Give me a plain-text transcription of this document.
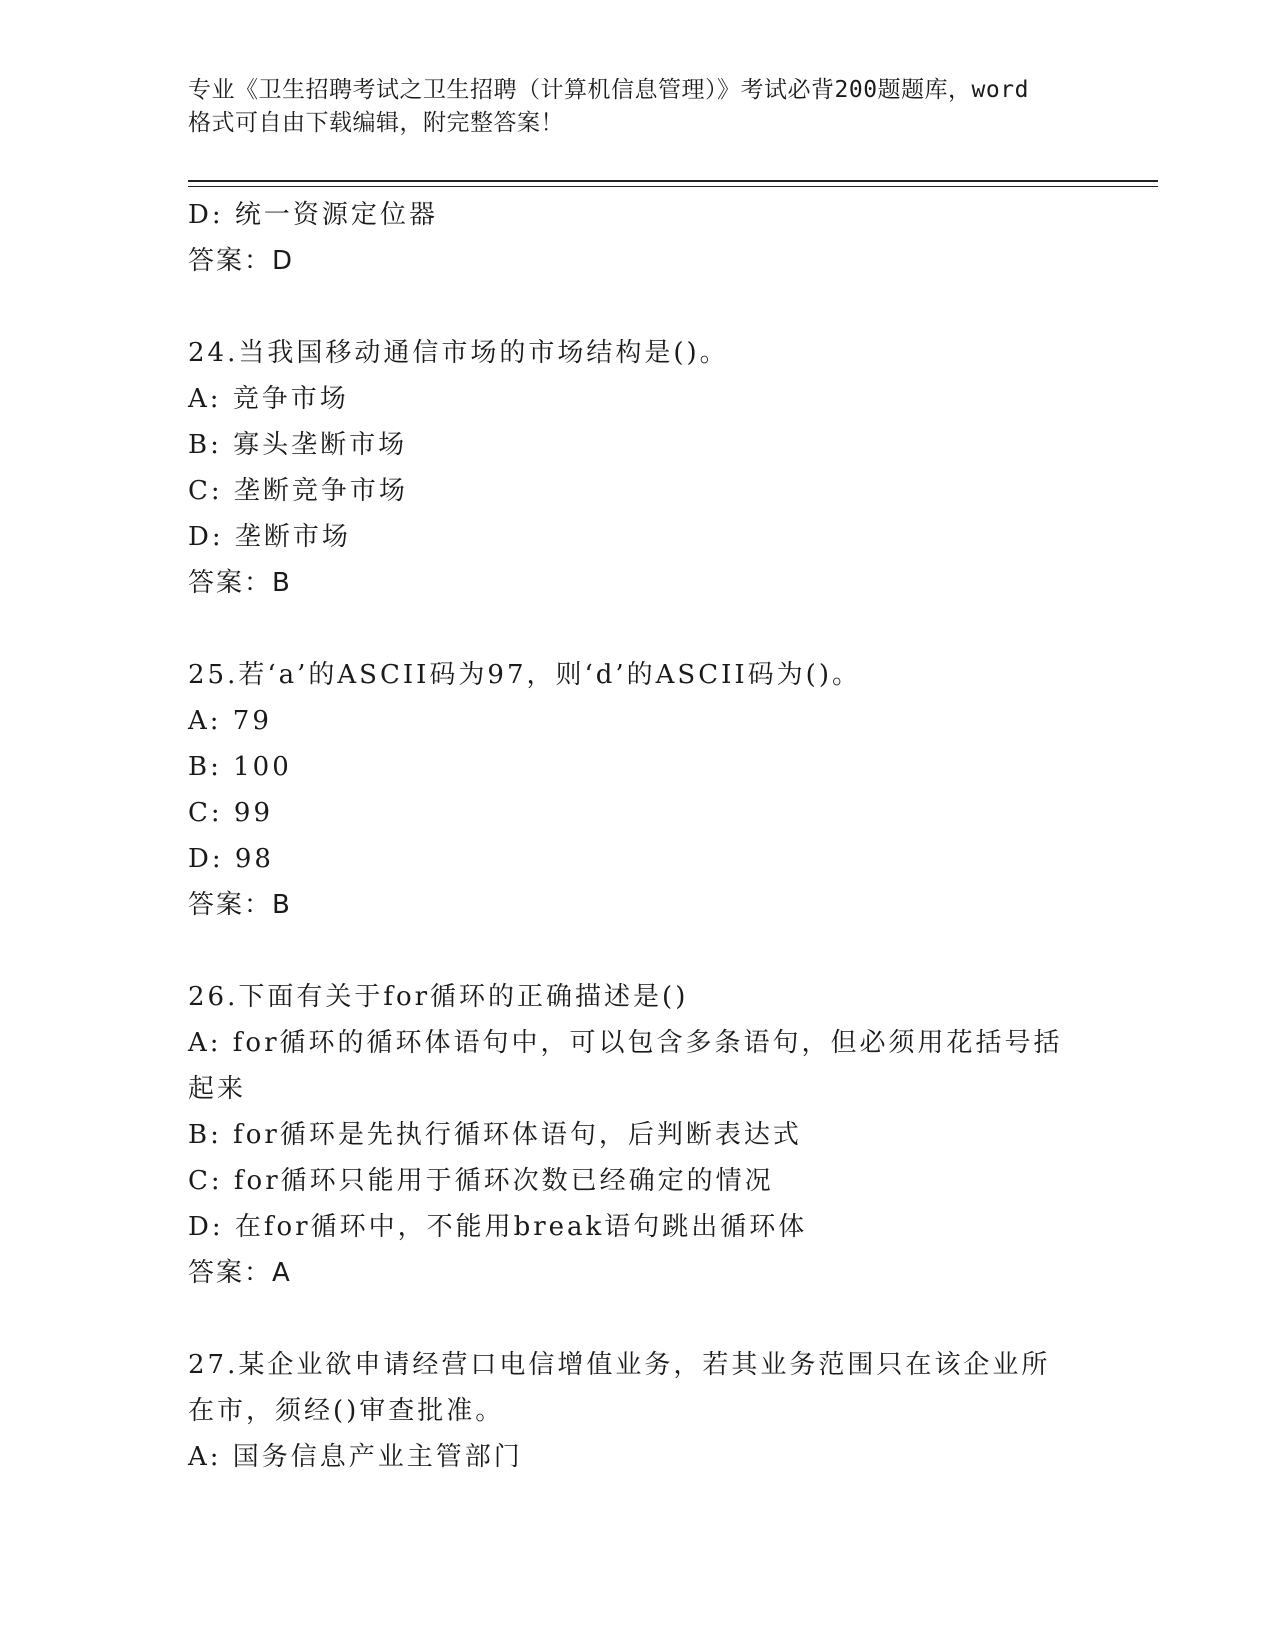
专业《卫生招聘考试之卫生招聘（计算机信息管理）》考试必背200题题库，word
格式可自由下载编辑，附完整答案！
D: 统一资源定位器
答案：D
24.当我国移动通信市场的市场结构是()。
A: 竞争市场
B: 寡头垄断市场
C: 垄断竞争市场
D: 垄断市场
答案：B
25.若‘a’的ASCII码为97，则‘d’的ASCII码为()。
A: 79
B: 100
C: 99
D: 98
答案：B
26.下面有关于for循环的正确描述是()
A: for循环的循环体语句中，可以包含多条语句，但必须用花括号括起来
B: for循环是先执行循环体语句，后判断表达式
C: for循环只能用于循环次数已经确定的情况
D: 在for循环中，不能用break语句跳出循环体
答案：A
27.某企业欲申请经营口电信增值业务，若其业务范围只在该企业所在市，须经()审查批准。
A: 国务信息产业主管部门
